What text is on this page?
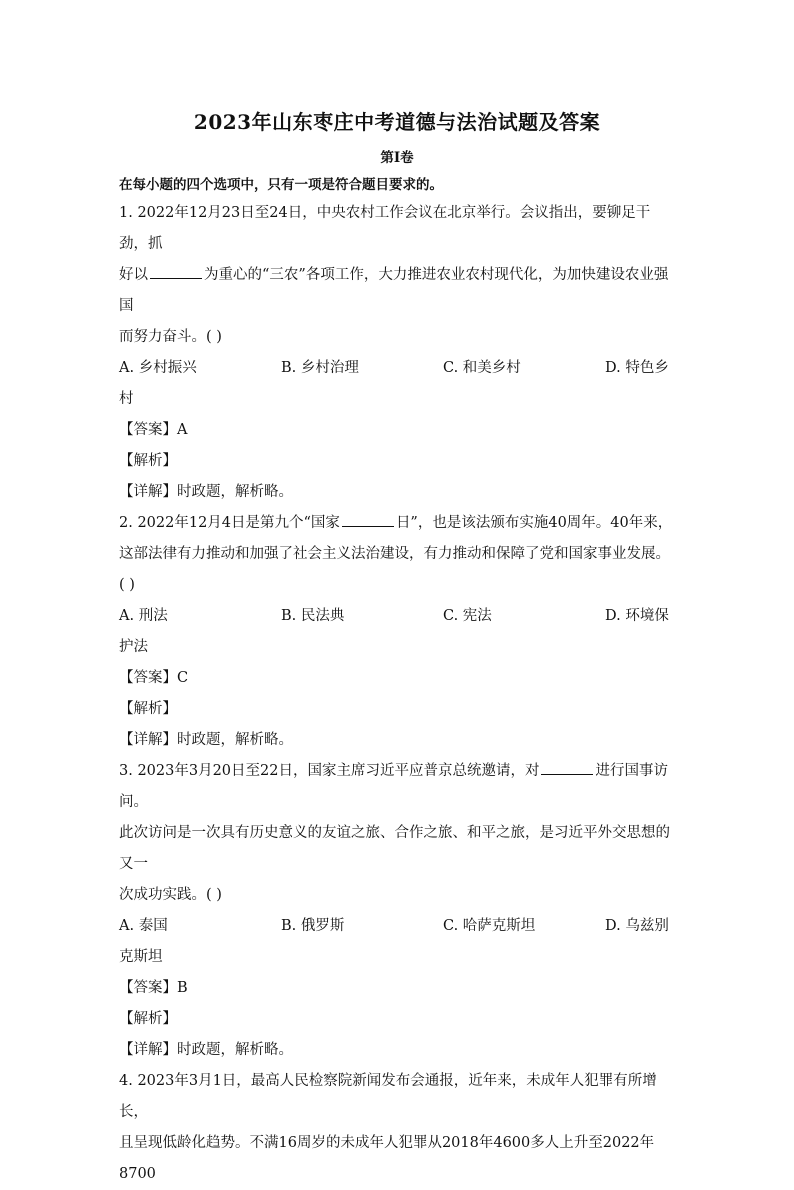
2023年山东枣庄中考道德与法治试题及答案
第Ⅰ卷

在每小题的四个选项中，只有一项是符合题目要求的。

1. 2022年12月23日至24日，中央农村工作会议在北京举行。会议指出，要铆足干劲，抓

好以	为重心的“三农”各项工作，大力推进农业农村现代化，为加快建设农业强国

而努力奋斗。( )

A. 乡村振兴	B. 乡村治理	C. 和美乡村	D. 特色乡

村

【答案】A

【解析】

【详解】时政题，解析略。

2. 2022年12月4日是第九个“国家	日”，也是该法颁布实施40周年。40年来，

这部法律有力推动和加强了社会主义法治建设，有力推动和保障了党和国家事业发展。

( )

A. 刑法	B. 民法典	C. 宪法	D. 环境保

护法

【答案】C

【解析】

【详解】时政题，解析略。

3. 2023年3月20日至22日，国家主席习近平应普京总统邀请，对	进行国事访问。

此次访问是一次具有历史意义的友谊之旅、合作之旅、和平之旅，是习近平外交思想的又一

次成功实践。( )

A. 泰国	B. 俄罗斯	C. 哈萨克斯坦	D. 乌兹别

克斯坦

【答案】B

【解析】

【详解】时政题，解析略。

4. 2023年3月1日，最高人民检察院新闻发布会通报，近年来，未成年人犯罪有所增长，

且呈现低龄化趋势。不满16周岁的未成年人犯罪从2018年4600多人上升至2022年8700
